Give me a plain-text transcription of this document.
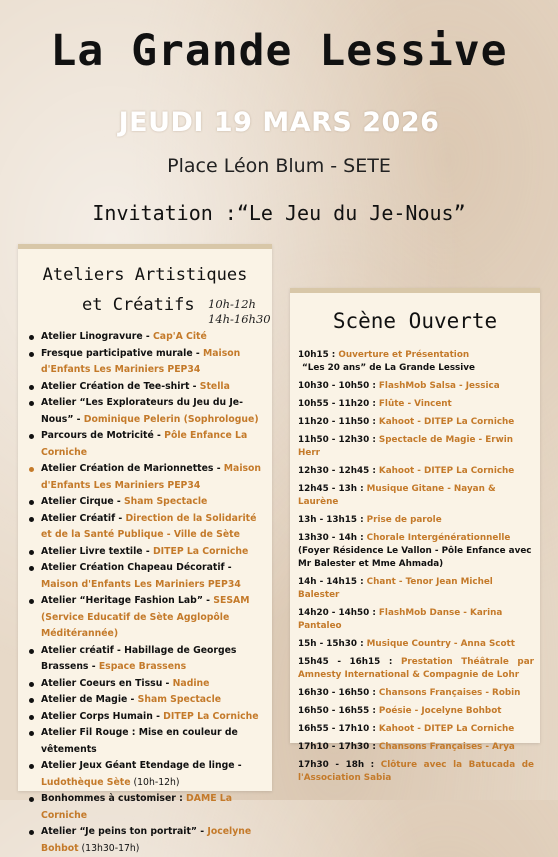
La Grande Lessive
JEUDI 19 MARS 2026
Place Léon Blum - SETE
Invitation :“Le Jeu du Je-Nous”
Ateliers Artistiques
et Créatifs 10h-12h
14h-16h30
Atelier Linogravure - Cap'A Cité
Fresque participative murale - Maison d'Enfants Les Mariniers PEP34
Atelier Création de Tee-shirt - Stella
Atelier “Les Explorateurs du Jeu du Je-Nous” - Dominique Pelerin (Sophrologue)
Parcours de Motricité - Pôle Enfance La Corniche
Atelier Création de Marionnettes - Maison d'Enfants Les Mariniers PEP34
Atelier Cirque - Sham Spectacle
Atelier Créatif - Direction de la Solidarité et de la Santé Publique - Ville de Sète
Atelier Livre textile - DITEP La Corniche
Atelier Création Chapeau Décoratif - Maison d'Enfants Les Mariniers PEP34
Atelier “Heritage Fashion Lab” - SESAM (Service Educatif de Sète Agglopôle Méditérannée)
Atelier créatif - Habillage de Georges Brassens - Espace Brassens
Atelier Coeurs en Tissu - Nadine
Atelier de Magie - Sham Spectacle
Atelier Corps Humain - DITEP La Corniche
Atelier Fil Rouge : Mise en couleur de vêtements
Atelier Jeux Géant Etendage de linge - Ludothèque Sète (10h-12h)
Bonhommes à customiser : DAME La Corniche
Atelier “Je peins ton portrait” - Jocelyne Bohbot (13h30-17h)
Scène Ouverte
10h15 : Ouverture et Présentation
“Les 20 ans” de La Grande Lessive
10h30 - 10h50 : FlashMob Salsa - Jessica
10h55 - 11h20 : Flûte - Vincent
11h20 - 11h50 : Kahoot - DITEP La Corniche
11h50 - 12h30 : Spectacle de Magie - Erwin Herr
12h30 - 12h45 : Kahoot - DITEP La Corniche
12h45 - 13h : Musique Gitane - Nayan & Laurène
13h - 13h15 : Prise de parole
13h30 - 14h : Chorale Intergénérationnelle
(Foyer Résidence Le Vallon - Pôle Enfance avec Mr Balester et Mme Ahmada)
14h - 14h15 : Chant - Tenor Jean Michel Balester
14h20 - 14h50 : FlashMob Danse - Karina Pantaleo
15h - 15h30 : Musique Country - Anna Scott
15h45 - 16h15 : Prestation Théâtrale par Amnesty International & Compagnie de Lohr
16h30 - 16h50 : Chansons Françaises - Robin
16h50 - 16h55 : Poésie - Jocelyne Bohbot
16h55 - 17h10 : Kahoot - DITEP La Corniche
17h10 - 17h30 : Chansons Françaises - Arya
17h30 - 18h : Clôture avec la Batucada de l'Association Sabia
